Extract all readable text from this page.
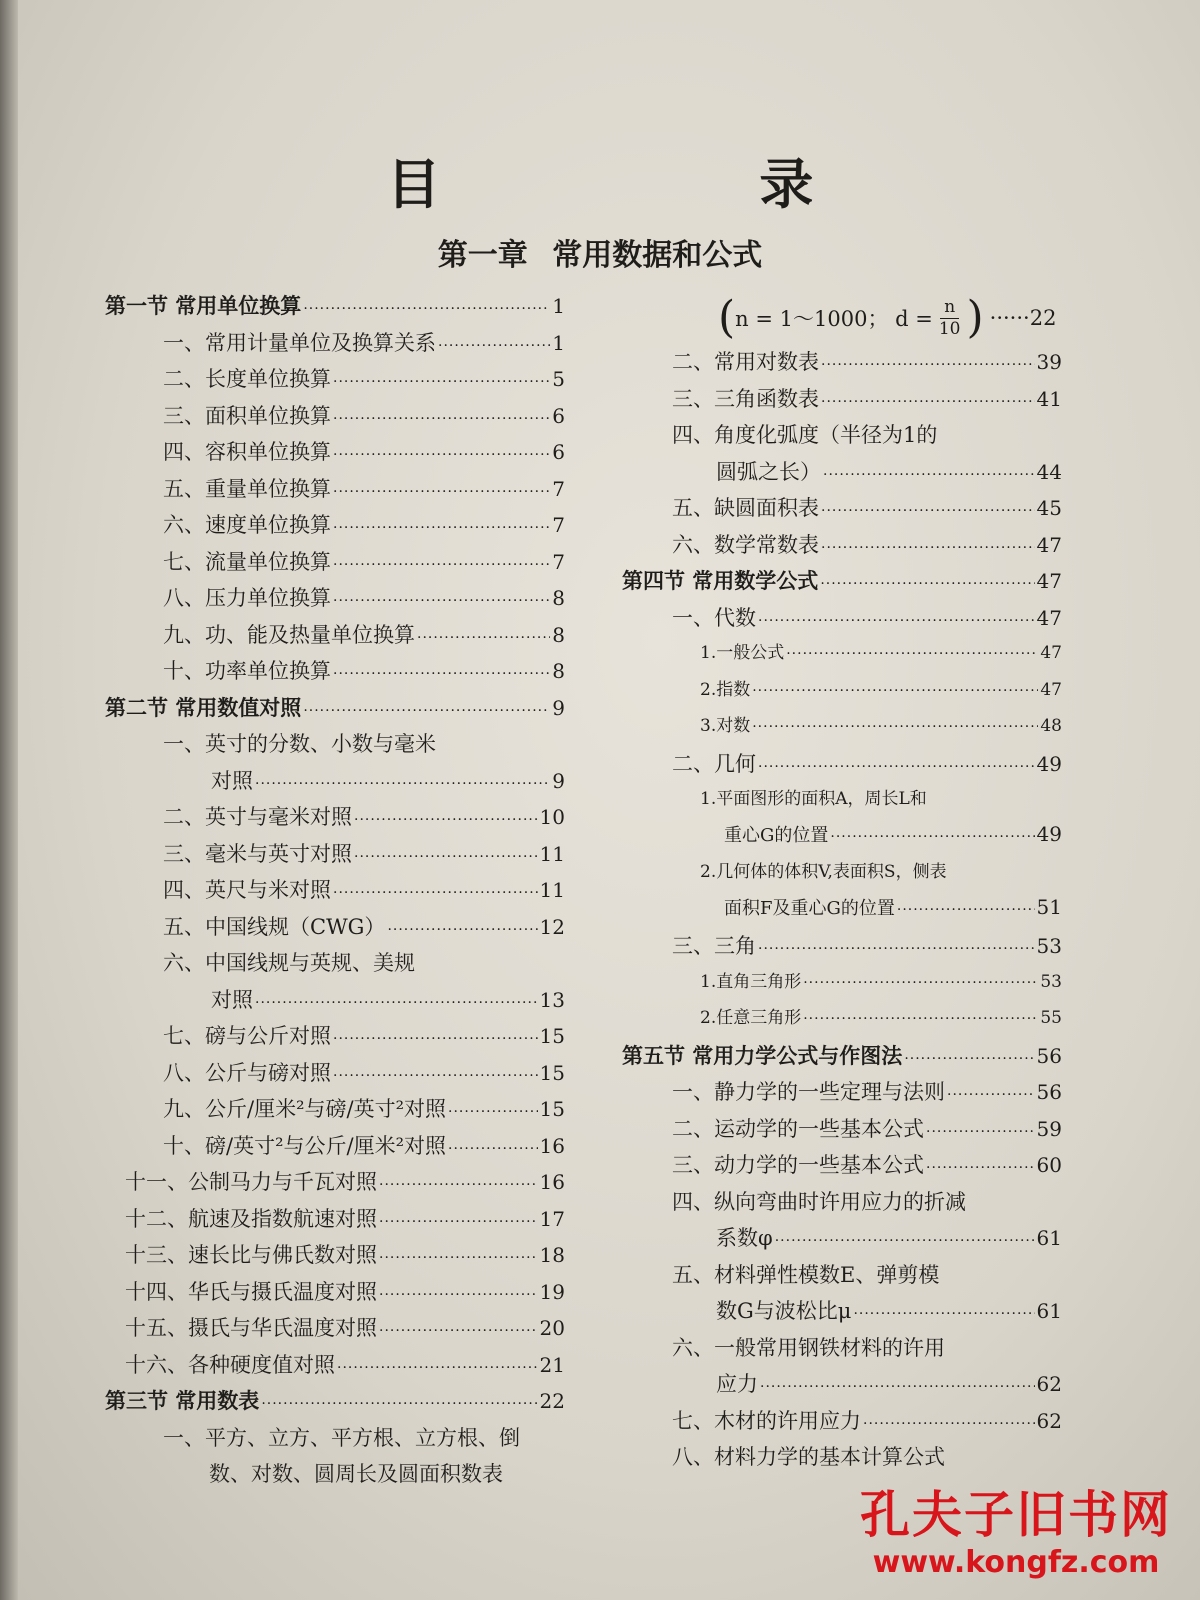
目 录
第一章 常用数据和公式
第一节 常用单位换算 ·····	1
一、常用计量单位及换算关系 ·····	1
二、长度单位换算 ·····	5
三、面积单位换算 ·····	6
四、容积单位换算 ·····	6
五、重量单位换算 ·····	7
六、速度单位换算 ·····	7
七、流量单位换算 ·····	7
八、压力单位换算 ·····	8
九、功、能及热量单位换算 ·····	8
十、功率单位换算 ·····	8
第二节 常用数值对照 ·····	9
一、英寸的分数、小数与毫米
对照 ·····	9
二、英寸与毫米对照 ·····	10
三、毫米与英寸对照 ·····	11
四、英尺与米对照 ·····	11
五、中国线规（CWG） ·····	12
六、中国线规与英规、美规
对照 ·····	13
七、磅与公斤对照 ·····	15
八、公斤与磅对照 ·····	15
九、公斤/厘米²与磅/英寸²对照 ·····	15
十、磅/英寸²与公斤/厘米²对照 ·····	16
十一、公制马力与千瓦对照 ·····	16
十二、航速及指数航速对照 ·····	17
十三、速长比与佛氏数对照 ·····	18
十四、华氏与摄氏温度对照 ·····	19
十五、摄氏与华氏温度对照 ·····	20
十六、各种硬度值对照 ·····	21
第三节 常用数表 ·····	22
一、平方、立方、平方根、立方根、倒
数、对数、圆周长及圆面积数表
( n = 1～1000； $d = \frac{n}{10}$ ) ······22
二、常用对数表 ·····	39
三、三角函数表 ·····	41
四、角度化弧度（半径为1的
圆弧之长） ·····	44
五、缺圆面积表 ·····	45
六、数学常数表 ·····	47
第四节 常用数学公式 ·····	47
一、代数 ·····	47
1.一般公式 ·····	47
2.指数 ·····	47
3.对数 ·····	48
二、几何 ·····	49
1.平面图形的面积A，周长L和
重心G的位置 ·····	49
2.几何体的体积V,表面积S，侧表
面积F及重心G的位置 ·····	51
三、三角 ·····	53
1.直角三角形 ·····	53
2.任意三角形 ·····	55
第五节 常用力学公式与作图法 ·····	56
一、静力学的一些定理与法则 ·····	56
二、运动学的一些基本公式 ·····	59
三、动力学的一些基本公式 ·····	60
四、纵向弯曲时许用应力的折减
系数φ ·····	61
五、材料弹性模数E、弹剪模
数G与波松比μ ·····	61
六、一般常用钢铁材料的许用
应力 ·····	62
七、木材的许用应力 ·····	62
八、材料力学的基本计算公式
孔夫子旧书网
www.kongfz.com
